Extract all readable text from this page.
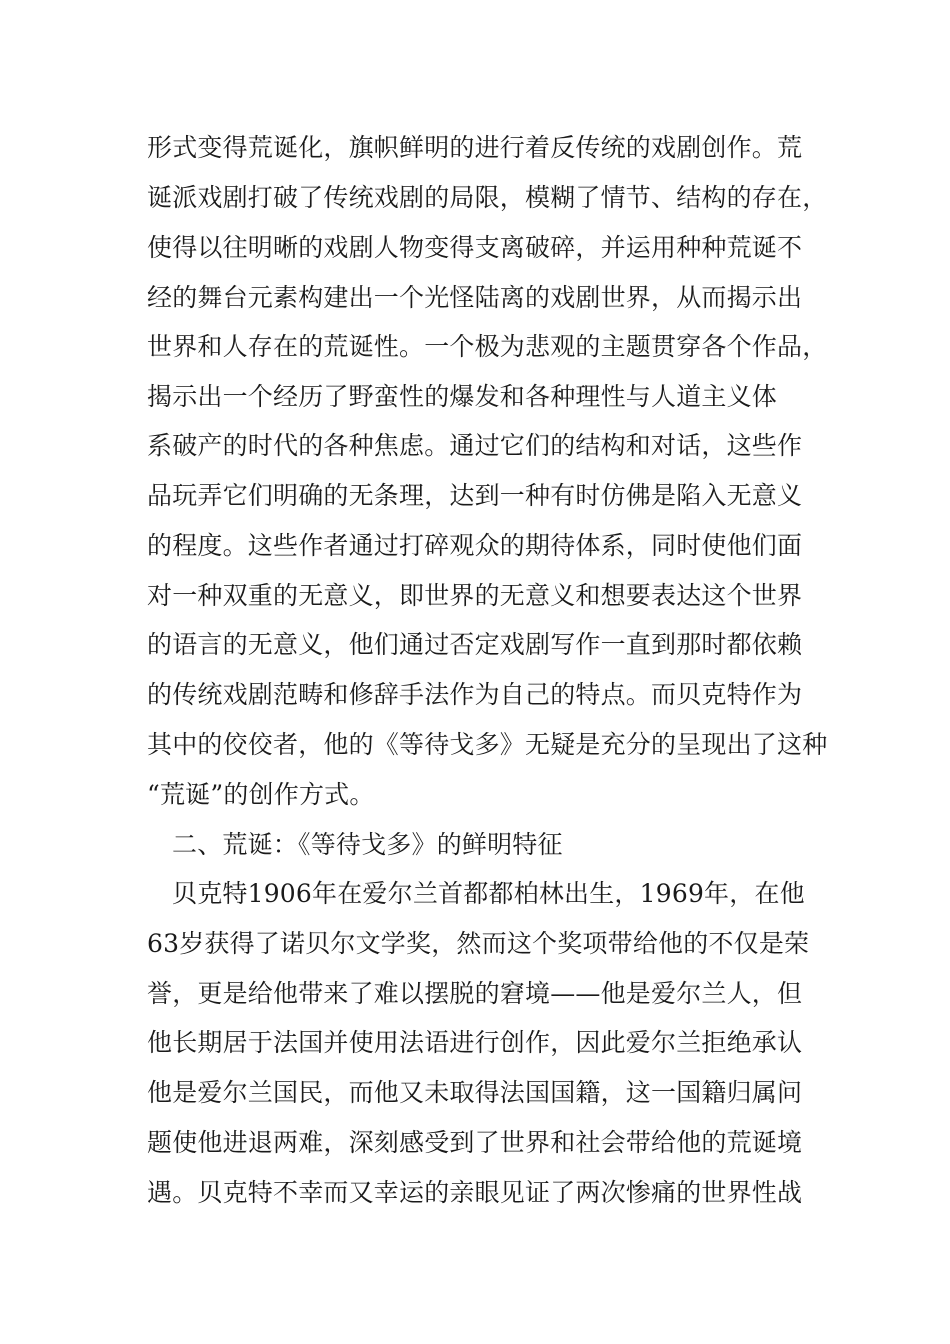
形式变得荒诞化，旗帜鲜明的进行着反传统的戏剧创作。荒
诞派戏剧打破了传统戏剧的局限，模糊了情节、结构的存在，
使得以往明晰的戏剧人物变得支离破碎，并运用种种荒诞不
经的舞台元素构建出一个光怪陆离的戏剧世界，从而揭示出
世界和人存在的荒诞性。一个极为悲观的主题贯穿各个作品，
揭示出一个经历了野蛮性的爆发和各种理性与人道主义体
系破产的时代的各种焦虑。通过它们的结构和对话，这些作
品玩弄它们明确的无条理，达到一种有时仿佛是陷入无意义
的程度。这些作者通过打碎观众的期待体系，同时使他们面
对一种双重的无意义，即世界的无意义和想要表达这个世界
的语言的无意义，他们通过否定戏剧写作一直到那时都依赖
的传统戏剧范畴和修辞手法作为自己的特点。而贝克特作为
其中的佼佼者，他的《等待戈多》无疑是充分的呈现出了这种
“荒诞”的创作方式。
二、荒诞：《等待戈多》的鲜明特征
贝克特1906年在爱尔兰首都都柏林出生，1969年，在他
63岁获得了诺贝尔文学奖，然而这个奖项带给他的不仅是荣
誉，更是给他带来了难以摆脱的窘境——他是爱尔兰人，但
他长期居于法国并使用法语进行创作，因此爱尔兰拒绝承认
他是爱尔兰国民，而他又未取得法国国籍，这一国籍归属问
题使他进退两难，深刻感受到了世界和社会带给他的荒诞境
遇。贝克特不幸而又幸运的亲眼见证了两次惨痛的世界性战
